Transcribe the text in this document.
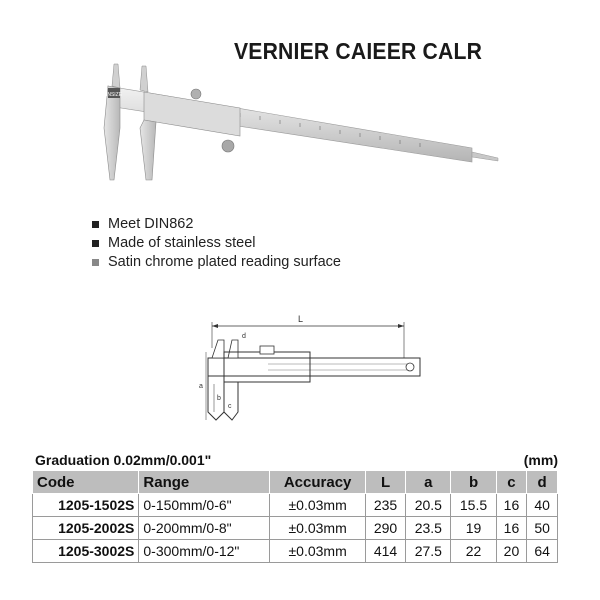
VERNIER CAIEER CALR
INSIZE
Meet DIN862
Made of stainless steel
Satin chrome plated reading surface
L
b
a
c
d
Graduation 0.02mm/0.001"	(mm)
Code	Range	Accuracy	L	a	b	c	d
1205-1502S	0-150mm/0-6"	±0.03mm	235	20.5	15.5	16	40
1205-2002S	0-200mm/0-8"	±0.03mm	290	23.5	19	16	50
1205-3002S	0-300mm/0-12"	±0.03mm	414	27.5	22	20	64
